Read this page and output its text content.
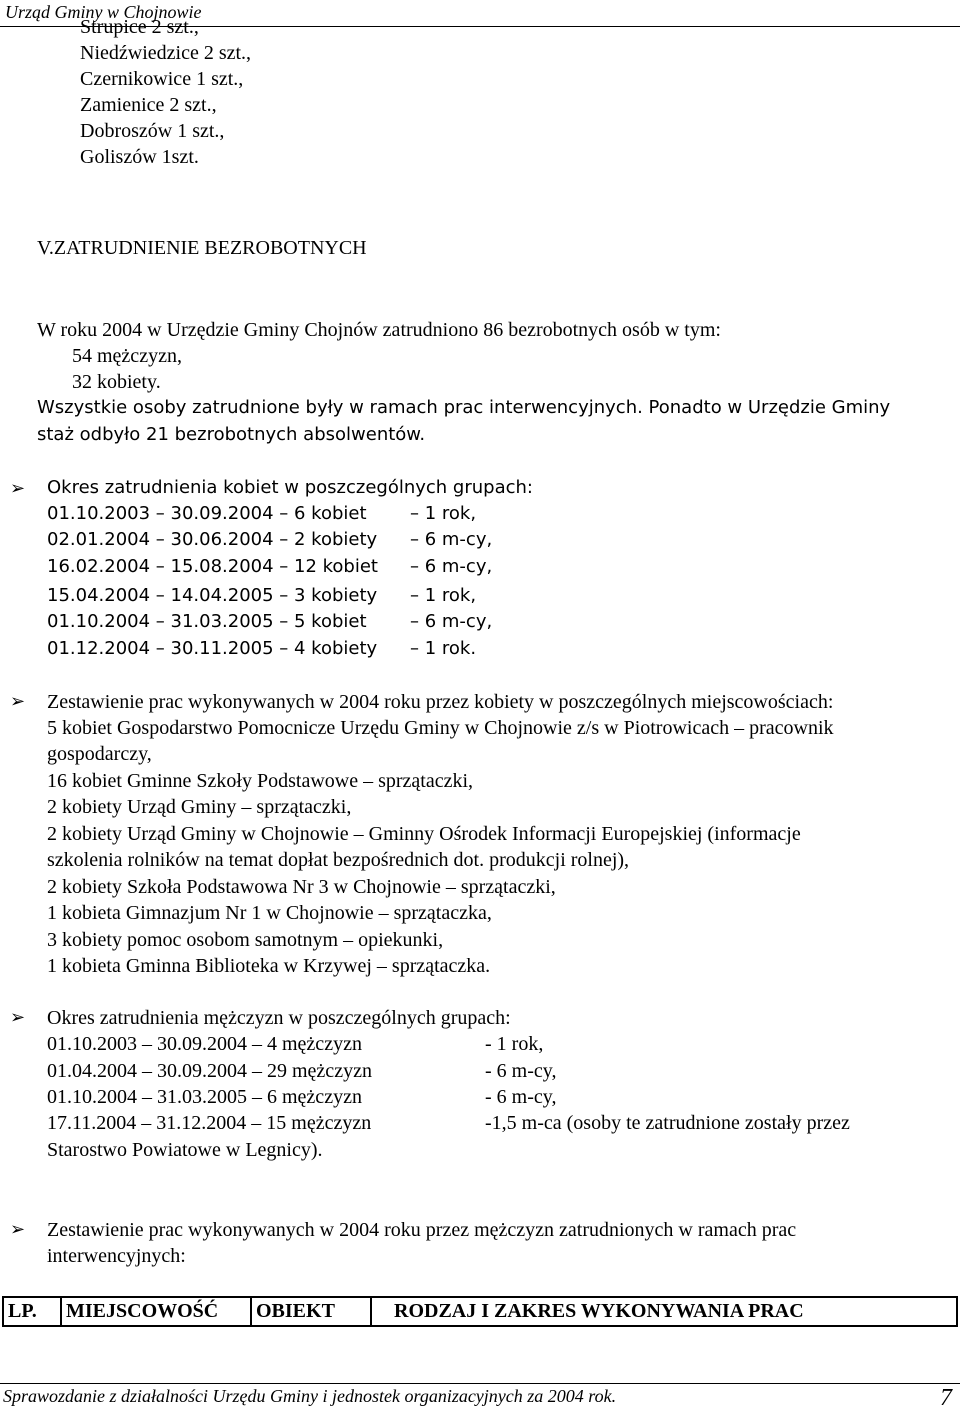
Urząd Gminy w Chojnowie
Strupice 2 szt.,
Niedźwiedzice 2 szt.,
Czernikowice 1 szt.,
Zamienice 2 szt.,
Dobroszów 1 szt.,
Goliszów 1szt.
V.ZATRUDNIENIE BEZROBOTNYCH
W roku 2004 w Urzędzie Gminy Chojnów zatrudniono 86 bezrobotnych osób w tym:
54 mężczyzn,
32 kobiety.
Wszystkie osoby zatrudnione były w ramach prac interwencyjnych. Ponadto w Urzędzie Gminy
staż odbyło 21 bezrobotnych absolwentów.
➢ Okres zatrudnienia kobiet w poszczególnych grupach:
01.10.2003 – 30.09.2004 – 6 kobiet – 1 rok,
02.01.2004 – 30.06.2004 – 2 kobiety – 6 m-cy,
16.02.2004 – 15.08.2004 – 12 kobiet – 6 m-cy,
15.04.2004 – 14.04.2005 – 3 kobiety – 1 rok,
01.10.2004 – 31.03.2005 – 5 kobiet – 6 m-cy,
01.12.2004 – 30.11.2005 – 4 kobiety – 1 rok.
➢ Zestawienie prac wykonywanych w 2004 roku przez kobiety w poszczególnych miejscowościach:
5 kobiet Gospodarstwo Pomocnicze Urzędu Gminy w Chojnowie z/s w Piotrowicach – pracownik
gospodarczy,
16 kobiet Gminne Szkoły Podstawowe – sprzątaczki,
2 kobiety Urząd Gminy – sprzątaczki,
2 kobiety Urząd Gminy w Chojnowie – Gminny Ośrodek Informacji Europejskiej (informacje
szkolenia rolników na temat dopłat bezpośrednich dot. produkcji rolnej),
2 kobiety Szkoła Podstawowa Nr 3 w Chojnowie – sprzątaczki,
1 kobieta Gimnazjum Nr 1 w Chojnowie – sprzątaczka,
3 kobiety pomoc osobom samotnym – opiekunki,
1 kobieta Gminna Biblioteka w Krzywej – sprzątaczka.
➢ Okres zatrudnienia mężczyzn w poszczególnych grupach:
01.10.2003 – 30.09.2004 – 4 mężczyzn	- 1 rok,
01.04.2004 – 30.09.2004 – 29 mężczyzn	- 6 m-cy,
01.10.2004 – 31.03.2005 – 6 mężczyzn	- 6 m-cy,
17.11.2004 – 31.12.2004 – 15 mężczyzn	-1,5 m-ca (osoby te zatrudnione zostały przez
Starostwo Powiatowe w Legnicy).
➢ Zestawienie prac wykonywanych w 2004 roku przez mężczyzn zatrudnionych w ramach prac
interwencyjnych:
LP.	MIEJSCOWOŚĆ	OBIEKT	RODZAJ I ZAKRES WYKONYWANIA PRAC
Sprawozdanie z działalności Urzędu Gminy i jednostek organizacyjnych za 2004 rok.	7
